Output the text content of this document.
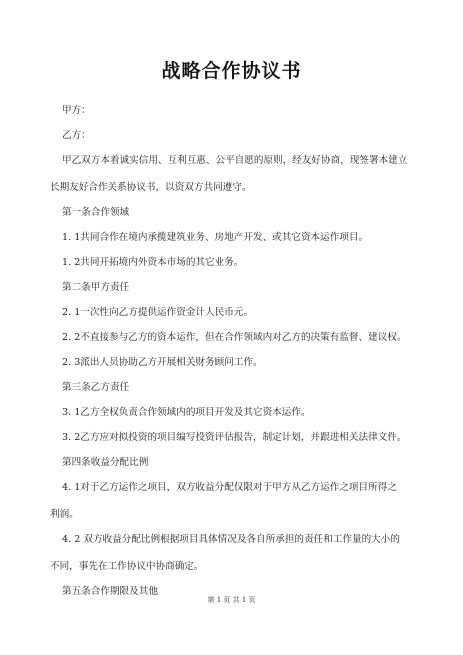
战略合作协议书
甲方：
乙方：
甲乙双方本着诚实信用、互利互惠、公平自愿的原则，经友好协商，现签署本建立
长期友好合作关系协议书，以资双方共同遵守。
第一条合作领域
1. 1共同合作在境内承揽建筑业务、房地产开发、或其它资本运作项目。
1. 2共同开拓境内外资本市场的其它业务。
第二条甲方责任
2. 1一次性向乙方提供运作资金计人民币元。
2. 2不直接参与乙方的资本运作，但在合作领域内对乙方的决策有监督、建议权。
2. 3派出人员协助乙方开展相关财务顾问工作。
第三条乙方责任
3. 1乙方全权负责合作领域内的项目开发及其它资本运作。
3. 2乙方应对拟投资的项目编写投资评估报告，制定计划，并跟进相关法律文件。
第四条收益分配比例
4. 1对于乙方运作之项目，双方收益分配仅限对于甲方从乙方运作之项目所得之
利润。
4. 2 双方收益分配比例根据项目具体情况及各自所承担的责任和工作量的大小的
不同，事先在工作协议中协商确定。
第五条合作期限及其他
第 1 页 共 1 页
